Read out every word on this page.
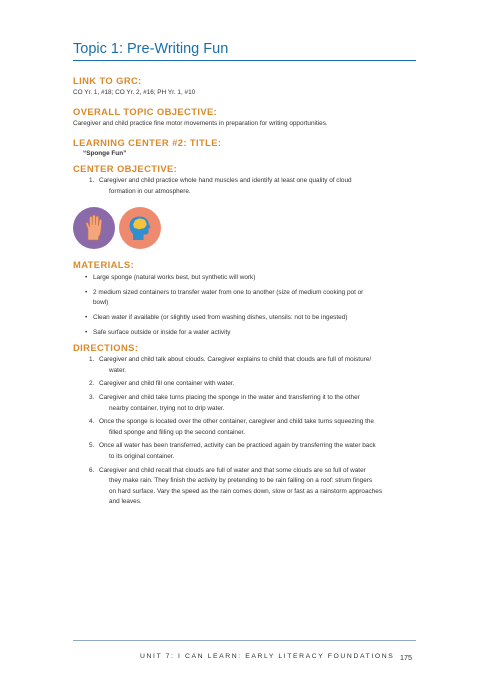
Topic 1: Pre-Writing Fun
LINK TO GRC:

CO Yr. 1, #18; CO Yr. 2, #16; PH Yr. 1, #10

OVERALL TOPIC OBJECTIVE:

Caregiver and child practice fine motor movements in preparation for writing opportunities.

LEARNING CENTER #2: TITLE:
“Sponge Fun”
CENTER OBJECTIVE:
1. Caregiver and child practice whole hand muscles and identify at least one quality of cloud
formation in our atmosphere.
MATERIALS:
• Large sponge (natural works best, but synthetic will work)
• 2 medium sized containers to transfer water from one to another (size of medium cooking pot or
bowl)
• Clean water if available (or slightly used from washing dishes, utensils: not to be ingested)
• Safe surface outside or inside for a water activity
DIRECTIONS:
1. Caregiver and child talk about clouds. Caregiver explains to child that clouds are full of moisture/
water.
2. Caregiver and child fill one container with water.
3. Caregiver and child take turns placing the sponge in the water and transferring it to the other
nearby container, trying not to drip water.
4. Once the sponge is located over the other container, caregiver and child take turns squeezing the
filled sponge and filling up the second container.
5. Once all water has been transferred, activity can be practiced again by transferring the water back
to its original container.
6. Caregiver and child recall that clouds are full of water and that some clouds are so full of water
they make rain. They finish the activity by pretending to be rain falling on a roof: strum fingers
on hard surface. Vary the speed as the rain comes down, slow or fast as a rainstorm approaches
and leaves.
UNIT 7: I CAN LEARN: EARLY LITERACY FOUNDATIONS 175
